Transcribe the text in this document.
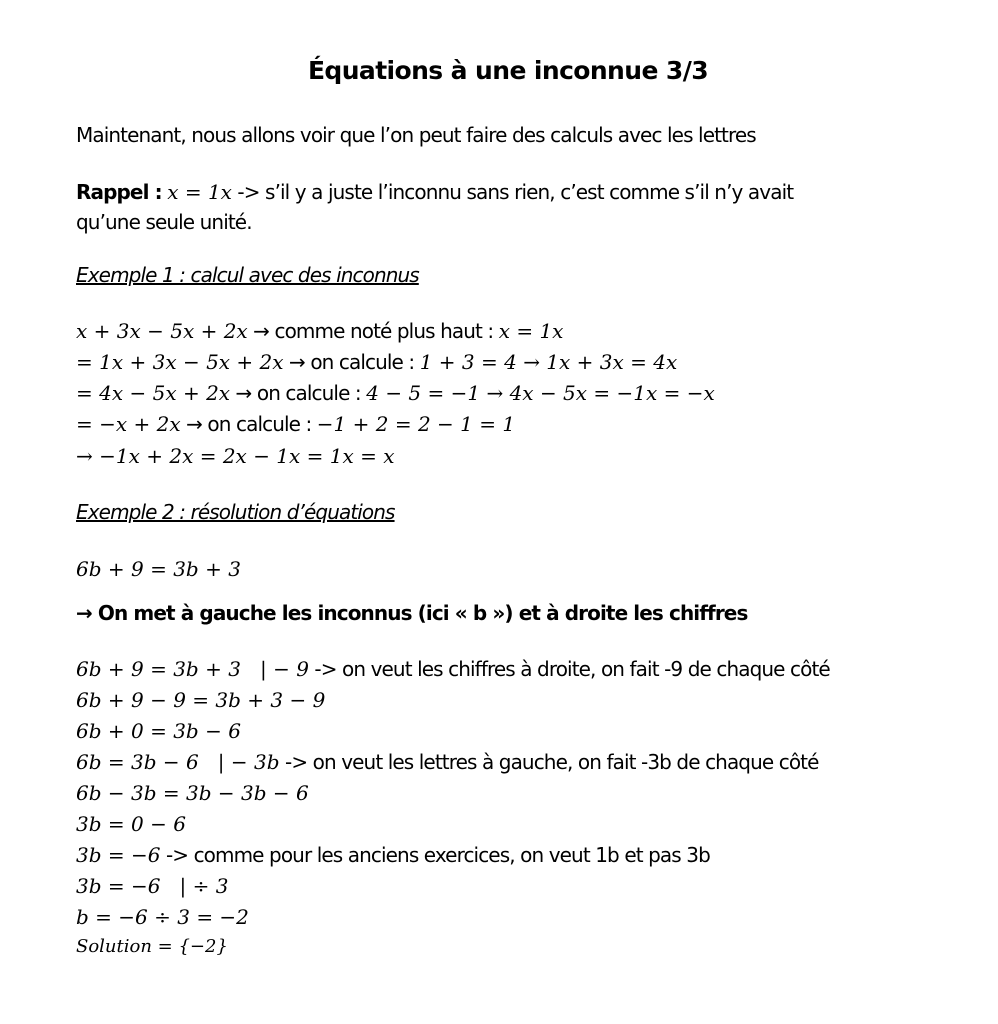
Équations à une inconnue 3/3
Maintenant, nous allons voir que l’on peut faire des calculs avec les lettres
Rappel : x = 1x -> s’il y a juste l’inconnu sans rien, c’est comme s’il n’y avait
qu’une seule unité.
Exemple 1 : calcul avec des inconnus
x + 3x − 5x + 2x → comme noté plus haut : x = 1x
= 1x + 3x − 5x + 2x → on calcule : 1 + 3 = 4 → 1x + 3x = 4x
= 4x − 5x + 2x → on calcule : 4 − 5 = −1 → 4x − 5x = −1x = −x
= −x + 2x → on calcule : −1 + 2 = 2 − 1 = 1
→ −1x + 2x = 2x − 1x = 1x = x
Exemple 2 : résolution d’équations
6b + 9 = 3b + 3
→ On met à gauche les inconnus (ici « b ») et à droite les chiffres
6b + 9 = 3b + 3   | − 9 -> on veut les chiffres à droite, on fait -9 de chaque côté
6b + 9 − 9 = 3b + 3 − 9
6b + 0 = 3b − 6
6b = 3b − 6   | − 3b -> on veut les lettres à gauche, on fait -3b de chaque côté
6b − 3b = 3b − 3b − 6
3b = 0 − 6
3b = −6 -> comme pour les anciens exercices, on veut 1b et pas 3b
3b = −6   | ÷ 3
b = −6 ÷ 3 = −2
Solution = {−2}
